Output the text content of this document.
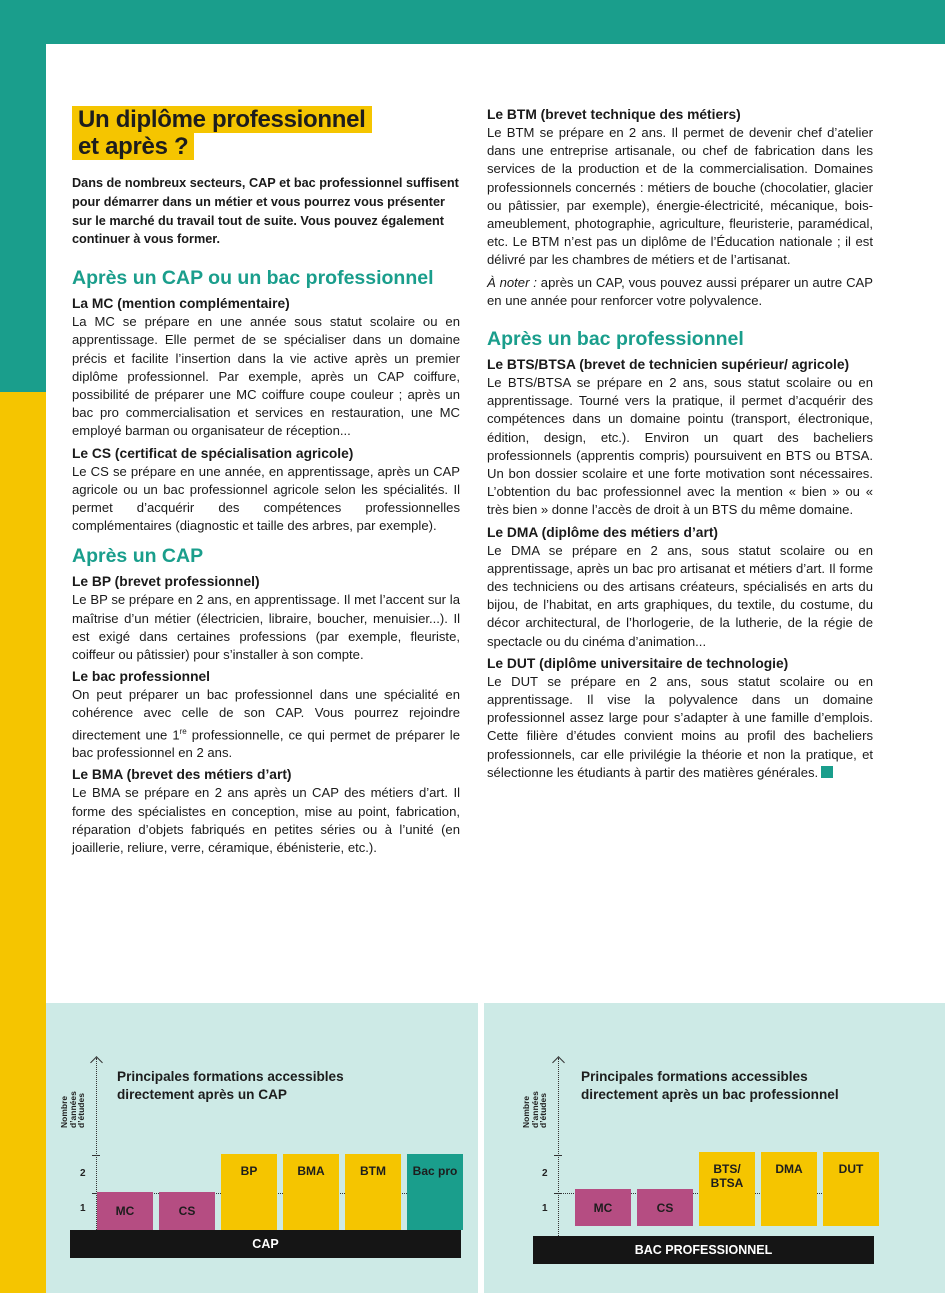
Un diplôme professionnel
et après ?

Dans de nombreux secteurs, CAP et bac professionnel suffisent pour démarrer dans un métier et vous pourrez vous présenter sur le marché du travail tout de suite. Vous pouvez également continuer à vous former.

Après un CAP ou un bac professionnel
La MC (mention complémentaire)

La MC se prépare en une année sous statut scolaire ou en apprentissage. Elle permet de se spécialiser dans un domaine précis et facilite l’insertion dans la vie active après un premier diplôme professionnel. Par exemple, après un CAP coiffure, possibilité de préparer une MC coiffure coupe couleur ; après un bac pro commercialisation et services en restauration, une MC employé barman ou organisateur de réception...

Le CS (certificat de spécialisation agricole)

Le CS se prépare en une année, en apprentissage, après un CAP agricole ou un bac professionnel agricole selon les spécialités. Il permet d’acquérir des compétences professionnelles complémentaires (diagnostic et taille des arbres, par exemple).

Après un CAP
Le BP (brevet professionnel)

Le BP se prépare en 2 ans, en apprentissage. Il met l’accent sur la maîtrise d’un métier (électricien, libraire, boucher, menuisier...). Il est exigé dans certaines professions (par exemple, fleuriste, coiffeur ou pâtissier) pour s’installer à son compte.

Le bac professionnel

On peut préparer un bac professionnel dans une spécialité en cohérence avec celle de son CAP. Vous pourrez rejoindre directement une 1re professionnelle, ce qui permet de préparer le bac professionnel en 2 ans.

Le BMA (brevet des métiers d’art)

Le BMA se prépare en 2 ans après un CAP des métiers d’art. Il forme des spécialistes en conception, mise au point, fabrication, réparation d’objets fabriqués en petites séries ou à l’unité (en joaillerie, reliure, verre, céramique, ébénisterie, etc.).

Le BTM (brevet technique des métiers)

Le BTM se prépare en 2 ans. Il permet de devenir chef d’atelier dans une entreprise artisanale, ou chef de fabrication dans les services de la production et de la commercialisation. Domaines professionnels concernés : métiers de bouche (chocolatier, glacier ou pâtissier, par exemple), énergie-électricité, mécanique, bois-ameublement, photographie, agriculture, fleuristerie, paramédical, etc. Le BTM n’est pas un diplôme de l’Éducation nationale ; il est délivré par les chambres de métiers et de l’artisanat.

À noter : après un CAP, vous pouvez aussi préparer un autre CAP en une année pour renforcer votre polyvalence.

Après un bac professionnel
Le BTS/BTSA (brevet de technicien supérieur/ agricole)

Le BTS/BTSA se prépare en 2 ans, sous statut scolaire ou en apprentissage. Tourné vers la pratique, il permet d’acquérir des compétences dans un domaine pointu (transport, électronique, édition, design, etc.). Environ un quart des bacheliers professionnels (apprentis compris) poursuivent en BTS ou BTSA. Un bon dossier scolaire et une forte motivation sont nécessaires. L’obtention du bac professionnel avec la mention « bien » ou « très bien » donne l’accès de droit à un BTS du même domaine.

Le DMA (diplôme des métiers d’art)

Le DMA se prépare en 2 ans, sous statut scolaire ou en apprentissage, après un bac pro artisanat et métiers d’art. Il forme des techniciens ou des artisans créateurs, spécialisés en arts du bijou, de l’habitat, en arts graphiques, du textile, du costume, du décor architectural, de l’horlogerie, de la lutherie, de la régie de spectacle ou du cinéma d’animation...

Le DUT (diplôme universitaire de technologie)

Le DUT se prépare en 2 ans, sous statut scolaire ou en apprentissage. Il vise la polyvalence dans un domaine professionnel assez large pour s’adapter à une famille d’emplois. Cette filière d’études convient moins au profil des bacheliers professionnels, car elle privilégie la théorie et non la pratique, et sélectionne les étudiants à partir des matières générales.

Principales formations accessibles
directement après un CAP
Nombre d’années d’études
2
1	MC	CS
BP	BMA	BTM	Bac pro
CAP
Principales formations accessibles
directement après un bac professionnel
Nombre d’années d’études
2
1	MC	CS
BTS/ BTSA
DMA	DUT
BAC PROFESSIONNEL
